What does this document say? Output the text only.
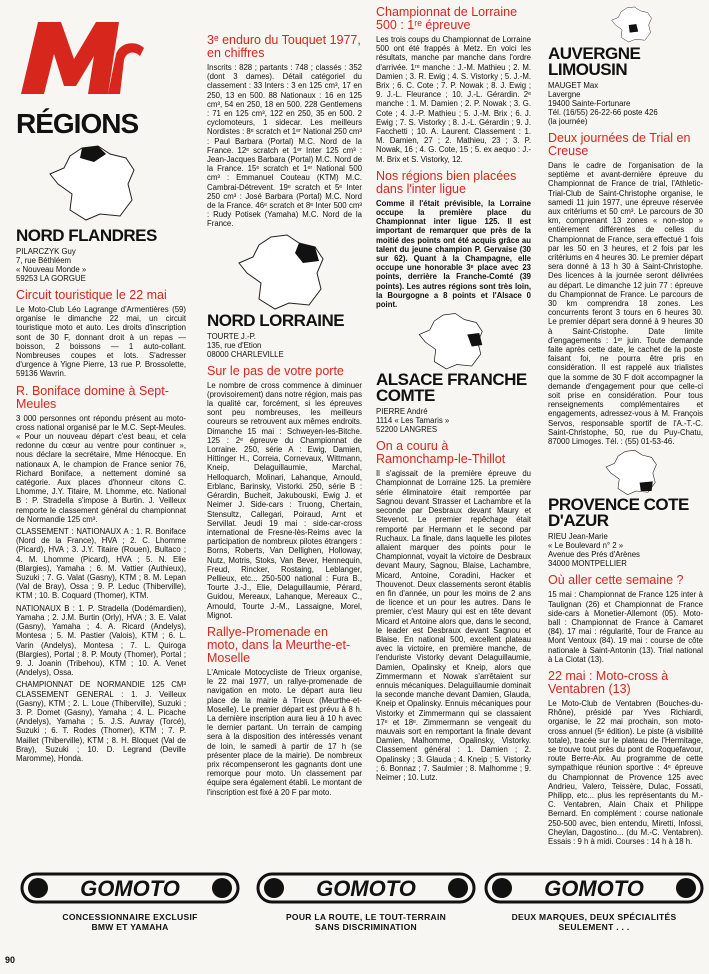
RÉGIONS
NORD FLANDRES
PILARCZYK Guy
7, rue Béthléem
« Nouveau Monde »
59253 LA GORGUE
Circuit touristique le 22 mai

Le Moto-Club Léo Lagrange d'Armentières (59) organise le dimanche 22 mai, un circuit touristique moto et auto. Les droits d'inscription sont de 30 F, donnant droit à un repas — boisson, 2 boissons — 1 auto-collant. Nombreuses coupes et lots. S'adresser d'urgence à Yigne Pierre, 13 rue P. Brossolette, 59136 Wavrin.

R. Boniface domine à Sept-Meules

3 000 personnes ont répondu présent au moto-cross national organisé par le M.C. Sept-Meules. « Pour un nouveau départ c'est beau, et cela redonne du cœur au ventre pour continuer », nous déclare la secrétaire, Mme Hénocque. En nationaux A, le champion de France senior 76, Richard Boniface, a nettement dominé sa catégorie. Aux places d'honneur citons C. Lhomme, J.Y. Titaire, M. Lhomme, etc. National B : P. Stradella s'impose à Burtin. J. Veilleux remporte le classement général du championnat de Normandie 125 cm³.

CLASSEMENT : NATIONAUX A : 1. R. Boniface (Nord de la France), HVA ; 2. C. Lhomme (Picard), HVA ; 3. J.Y. Titaire (Rouen), Bultaco ; 4. M. Lhomme (Picard), HVA ; 5. N. Elie (Blargies), Yamaha ; 6. M. Vattier (Authieux), Suzuki ; 7. G. Valat (Gasny), KTM ; 8. M. Lepan (Val de Bray), Ossa ; 9. P. Leduc (Thiberville), KTM ; 10. B. Coquard (Thomer), KTM.

NATIONAUX B : 1. P. Stradella (Dodémardien), Yamaha ; 2. J.M. Burtin (Orly), HVA ; 3. E. Valat (Gasny), Yamaha ; 4. A. Ricard (Andelys), Montesa ; 5. M. Pastier (Valois), KTM ; 6. L. Varin (Andelys), Montesa ; 7. L. Quiroga (Blargies), Portal ; 8. P. Mouty (Thomer), Portal ; 9. J. Joanin (Tribehou), KTM ; 10. A. Venet (Andelys), Ossa.

CHAMPIONNAT DE NORMANDIE 125 CM³ CLASSEMENT GENERAL : 1. J. Veilleux (Gasny), KTM ; 2. L. Loue (Thiberville), Suzuki ; 3. P. Domet (Gasny), Yamaha ; 4. L. Picache (Andelys), Yamaha ; 5. J.S. Auvray (Torcé), Suzuki ; 6. T. Rodes (Thomer), KTM ; 7. P. Maillet (Thiberville), KTM ; 8. H. Bloquet (Val de Bray), Suzuki ; 10. D. Legrand (Deville Maromme), Honda.

3ᵉ enduro du Touquet 1977, en chiffres

Inscrits : 828 ; partants : 748 ; classés : 352 (dont 3 dames). Détail catégoriel du classement : 33 Inters : 3 en 125 cm³, 17 en 250, 13 en 500. 88 Nationaux : 16 en 125 cm³, 54 en 250, 18 en 500. 228 Gentlemens : 71 en 125 cm³, 122 en 250, 35 en 500. 2 cyclomoteurs, 1 sidecar. Les meilleurs Nordistes : 8ᵉ scratch et 1ᵉʳ National 250 cm³ : Paul Barbara (Portal) M.C. Nord de la France. 12ᵉ scratch et 1ᵉʳ Inter 125 cm³ : Jean-Jacques Barbara (Portal) M.C. Nord de la France. 15ᵉ scratch et 1ᵉʳ National 500 cm³ : Emmanuel Couteau (KTM) M.C. Cambrai-Détrevent. 19ᵉ scratch et 5ᵉ Inter 250 cm³ : José Barbara (Portal) M.C. Nord de la France. 46ᵉ scratch et 8ᵉ Inter 500 cm³ : Rudy Potisek (Yamaha) M.C. Nord de la France.

NORD LORRAINE
TOURTE J.-P.
135, rue d'Etion
08000 CHARLEVILLE
Sur le pas de votre porte

Le nombre de cross commence à diminuer (provisoirement) dans notre région, mais pas la qualité car, forcément, si les épreuves sont peu nombreuses, les meilleurs coureurs se retrouvent aux mêmes endroits. Dimanche 15 mai : Schweyen-les-Bitche. 125 : 2ᵉ épreuve du Championnat de Lorraine. 250, série A : Ewig, Damien, Hittinger H., Correia, Cornevaux, Wittmann, Kneip, Delaguillaumie, Marchal, Helloquarch, Molinari, Lahanque, Arnould, Erblanc, Barinsky, Vistorki. 250, série B : Gérardin, Bucheit, Jakubouski, Ewig J. et Neimer J. Side-cars : Truong, Chertain, Stensultz, Callegari, Poiraud, Arnt et Servillat. Jeudi 19 mai : side-car-cross international de Fresne-lès-Reims avec la participation de nombreux pilotes étrangers : Borns, Roberts, Van Dellighen, Holloway, Nutz, Motris, Stoks, Van Bever, Hennequin, Freud, Rincker, Rostaing, Leblanger, Pellieux, etc... 250-500 national : Fura B., Tourte J.-J., Elie, Delaguillaumie, Pérard, Guidou, Mereaux, Lahanque, Mereaux C., Arnould, Tourte J.-M., Lassaigne, Morel, Mignot.

Rallye-Promenade en moto, dans la Meurthe-et-Moselle

L'Amicale Motocycliste de Trieux organise, le 22 mai 1977, un rallye-promenade de navigation en moto. Le départ aura lieu place de la mairie à Trieux (Meurthe-et-Moselle). Le premier départ est prévu à 8 h. La dernière inscription aura lieu à 10 h avec le dernier partant. Un terrain de camping sera à la disposition des intéressés venant de loin, le samedi à partir de 17 h (se présenter place de la mairie). De nombreux prix récompenseront les gagnants dont une remorque pour moto. Un classement par équipe sera également établi. Le montant de l'inscription est fixé à 20 F par moto.

Championnat de Lorraine 500 : 1ʳᵉ épreuve

Les trois coups du Championnat de Lorraine 500 ont été frappés à Metz. En voici les résultats, manche par manche dans l'ordre d'arrivée. 1ʳᵉ manche : J.-M. Mathieu ; 2. M. Damien ; 3. R. Ewig ; 4. S. Vistorky ; 5. J.-M. Brix ; 6. C. Cote ; 7. P. Nowak ; 8. J. Ewig ; 9. J.-L. Fleurance ; 10. J.-L. Gérardin. 2ᵉ manche : 1. M. Damien ; 2. P. Nowak ; 3. G. Cote ; 4. J.-P. Mathieu ; 5. J.-M. Brix ; 6. J. Ewig ; 7. S. Vistorky ; 8. J.-L. Gérardin ; 9. J. Facchetti ; 10. A. Laurent. Classement : 1. M. Damien, 27 ; 2. Mathieu, 23 ; 3. P. Nowak, 16 ; 4. G. Cote, 15 ; 5. ex aequo : J.-M. Brix et S. Vistorky, 12.

Nos régions bien placées dans l'inter ligue

Comme il l'était prévisible, la Lorraine occupe la première place du Championnat inter ligue 125. Il est important de remarquer que près de la moitié des points ont été acquis grâce au talent du jeune champion P. Gervaise (30 sur 62). Quant à la Champagne, elle occupe une honorable 3ᵉ place avec 23 points, derrière la Franche-Comté (39 points). Les autres régions sont très loin, la Bourgogne a 8 points et l'Alsace 0 point.

ALSACE FRANCHE COMTE
PIERRE André
1114 « Les Tamaris »
52200 LANGRES
On a couru à Ramonchamp-le-Thillot

Il s'agissait de la première épreuve du Championnat de Lorraine 125. La première série éliminatoire était remportée par Sagnou devant Strasser et Lachambre et la seconde par Desbraux devant Maury et Stevenot. Le premier repêchage était remporté par Hermann et le second par Ruchaux. La finale, dans laquelle les pilotes allaient marquer des points pour le Championnat, voyait la victoire de Desbraux devant Maury, Sagnou, Blaise, Lachambre, Micard, Antoine, Coradini, Hacker et Thouvenot. Deux classements seront établis en fin d'année, un pour les moins de 2 ans de licence et un pour les autres. Dans le premier, c'est Maury qui est en tête devant Micard et Antoine alors que, dans le second, le leader est Desbraux devant Sagnou et Blaise. En national 500, excellent plateau avec la victoire, en première manche, de l'enduriste Vistorky devant Delaguillaumie, Damien, Opalinsky et Kneip, alors que Zimmermann et Nowak s'arrêtaient sur ennuis mécaniques. Delaguillaumie dominait la seconde manche devant Damien, Glauda, Kneip et Opalinsky. Ennuis mécaniques pour Vistorky et Zimmermann qui se classaient 17ᵉ et 18ᵉ. Zimmermann se vengeait du mauvais sort en remportant la finale devant Damien, Malhomme, Opalinsky, Vistorky. Classement général : 1. Damien ; 2. Opalinsky ; 3. Glauda ; 4. Kneip ; 5. Vistorky ; 6. Bonnaz ; 7. Saulmier ; 8. Malhomme ; 9. Neimer ; 10. Lutz.

AUVERGNE LIMOUSIN
MAUGET Max
Lavergne
19400 Sainte-Fortunare
Tél. (16/55) 26-22-66 poste 426
(la journée)
Deux journées de Trial en Creuse

Dans le cadre de l'organisation de la septième et avant-dernière épreuve du Championnat de France de trial, l'Athletic-Trial-Club de Saint-Christophe organise, le samedi 11 juin 1977, une épreuve réservée aux critériums et 50 cm³. Le parcours de 30 km, comprenant 13 zones « non-stop » entièrement différentes de celles du Championnat de France, sera effectué 1 fois par les 50 en 3 heures, et 2 fois par les critériums en 4 heures 30. Le premier départ sera donné à 13 h 30 à Saint-Christophe. Des licences à la journée seront délivrées au départ. Le dimanche 12 juin 77 : épreuve du Championnat de France. Le parcours de 30 km comprendra 18 zones. Les concurrents feront 3 tours en 6 heures 30. Le premier départ sera donné à 9 heures 30 à Saint-Cristophe. Date limite d'engagements : 1ᵉʳ juin. Toute demande faite après cette date, le cachet de la poste faisant foi, ne pourra être pris en considération. Il est rappelé aux trialistes que la somme de 30 F doit accompagner la demande d'engagement pour que celle-ci soit prise en considération. Pour tous renseignements complémentaires et engagements, adressez-vous à M. François Servos, responsable sportif de l'A.-T.-C. Saint-Christophe, 50, rue du Puy-Chatu, 87000 Limoges. Tél. : (55) 01-53-46.

PROVENCE COTE D'AZUR
RIEU Jean-Marie
« Le Boulevard n° 2 »
Avenue des Prés d'Arènes
34000 MONTPELLIER
Où aller cette semaine ?

15 mai : Championnat de France 125 inter à Taulignan (26) et Championnat de France side-cars à Monetier-Allemont (05). Moto-ball : Championnat de France à Camaret (84). 17 mai : régularité, Tour de France au Mont Ventoux (84). 19 mai : course de côte nationale à Saint-Antonin (13). Trial national à La Ciotat (13).

22 mai : Moto-cross à Ventabren (13)

Le Moto-Club de Ventabren (Bouches-du-Rhône), présidé par Yves Richiardi, organise, le 22 mai prochain, son moto-cross annuel (5ᵉ édition). Le piste (à visibilité totale), tracée sur le plateau de l'Hermitage, se trouve tout près du pont de Roquefavour, route Berre-Aix. Au programme de cette sympathique réunion sportive : 4ᵉ épreuve du Championnat de Provence 125 avec Andrieu, Valero, Teissère, Dulac, Fossati, Philipp, etc... plus les représentants du M.-C. Ventabren, Alain Chaix et Philippe Bernard. En complément : course nationale 250-500 avec, bien entendu, Miretti, Infossi, Cheylan, Dagostino... (du M.-C. Ventabren). Essais : 9 h à midi. Courses : 14 h à 18 h.

GOMOTO
CONCESSIONNAIRE EXCLUSIF
BMW ET YAMAHA
GOMOTO
POUR LA ROUTE, LE TOUT-TERRAIN
SANS DISCRIMINATION
GOMOTO
DEUX MARQUES, DEUX SPÉCIALITÉS
SEULEMENT . . .
90
